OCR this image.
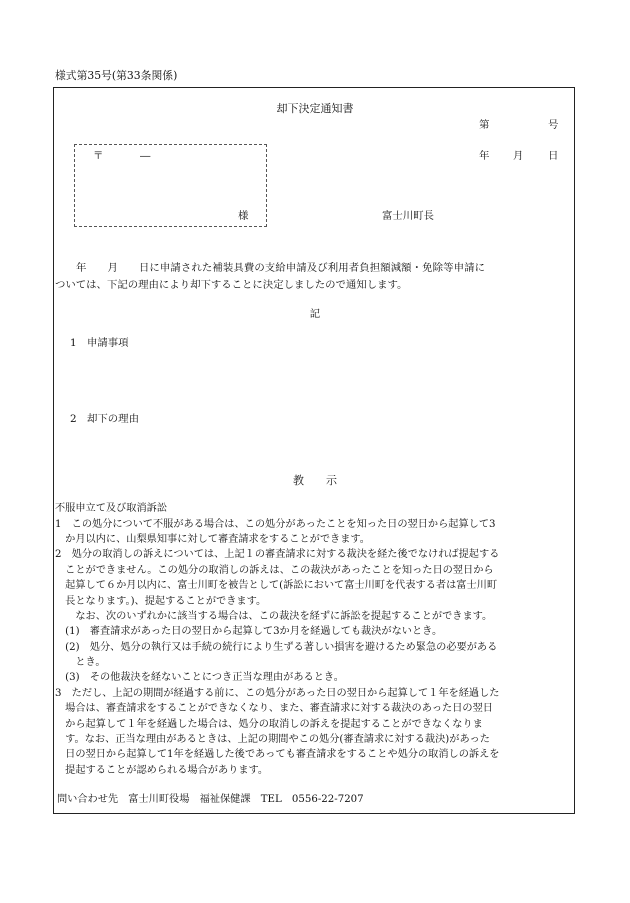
様式第35号(第33条関係)
却下決定通知書
第	号
〒	―
様
年 月 日
富士川町長
　　年　　月　　日に申請された補装具費の支給申請及び利用者負担額減額・免除等申請に
ついては、下記の理由により却下することに決定しましたので通知します。
記
1　申請事項
2　却下の理由
教　　示
不服申立て及び取消訴訟
1　この処分について不服がある場合は、この処分があったことを知った日の翌日から起算して3
　か月以内に、山梨県知事に対して審査請求をすることができます。
2　処分の取消しの訴えについては、上記１の審査請求に対する裁決を経た後でなければ提起する
　ことができません。この処分の取消しの訴えは、この裁決があったことを知った日の翌日から
　起算して６か月以内に、富士川町を被告として(訴訟において富士川町を代表する者は富士川町
　長となります。)、提起することができます。
　　なお、次のいずれかに該当する場合は、この裁決を経ずに訴訟を提起することができます。
　(1)　審査請求があった日の翌日から起算して3か月を経過しても裁決がないとき。
　(2)　処分、処分の執行又は手続の続行により生ずる著しい損害を避けるため緊急の必要がある
　　とき。
　(3)　その他裁決を経ないことにつき正当な理由があるとき。
3　ただし、上記の期間が経過する前に、この処分があった日の翌日から起算して１年を経過した
　場合は、審査請求をすることができなくなり、また、審査請求に対する裁決のあった日の翌日
　から起算して１年を経過した場合は、処分の取消しの訴えを提起することができなくなりま
　す。なお、正当な理由があるときは、上記の期間やこの処分(審査請求に対する裁決)があった
　日の翌日から起算して1年を経過した後であっても審査請求をすることや処分の取消しの訴えを
　提起することが認められる場合があります。
問い合わせ先　富士川町役場　福祉保健課　TEL　0556-22-7207
